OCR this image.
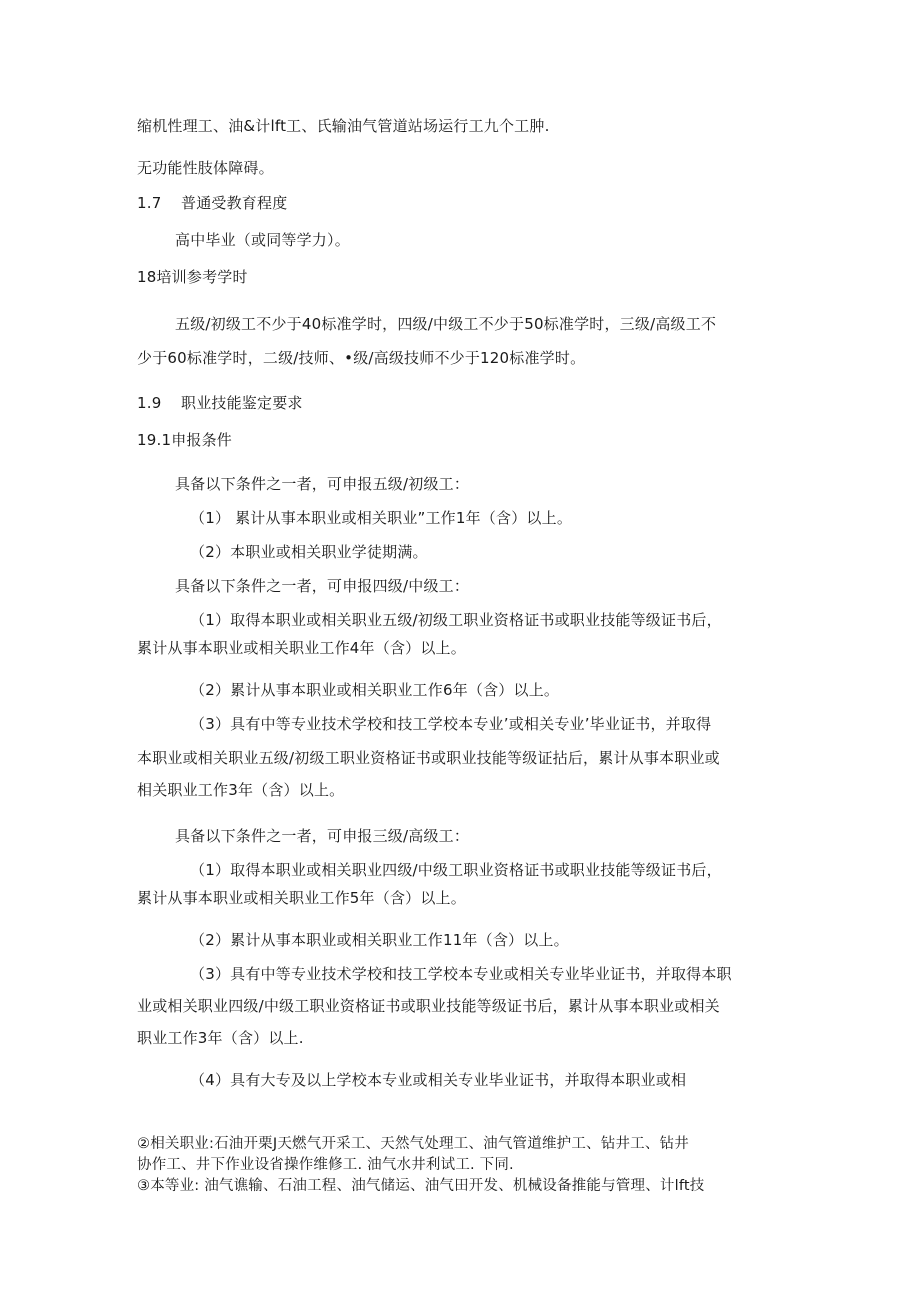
缩机性理工、油&计lft工、氏输油气管道站场运行工九个工肿.
无功能性肢体障碍。
1.7 普通受教育程度
高中毕业（或同等学力）。
18培训参考学时
五级/初级工不少于40标准学时，四级/中级工不少于50标准学时，三级/高级工不
少于60标准学时，二级/技师、•级/高级技师不少于120标准学时。
1.9 职业技能鉴定要求
19.1申报条件
具备以下条件之一者，可申报五级/初级工：
（1） 累计从事本职业或相关职业”工作1年（含）以上。
（2）本职业或相关职业学徒期满。
具备以下条件之一者，可申报四级/中级工：
（1）取得本职业或相关职业五级/初级工职业资格证书或职业技能等级证书后，
累计从事本职业或相关职业工作4年（含）以上。
（2）累计从事本职业或相关职业工作6年（含）以上。
（3）具有中等专业技术学校和技工学校本专业’或相关专业’毕业证书，并取得
本职业或相关职业五级/初级工职业资格证书或职业技能等级证拈后，累计从事本职业或
相关职业工作3年（含）以上。
具备以下条件之一者，可申报三级/高级工：
（1）取得本职业或相关职业四级/中级工职业资格证书或职业技能等级证书后，
累计从事本职业或相关职业工作5年（含）以上。
（2）累计从事本职业或相关职业工作11年（含）以上。
（3）具有中等专业技术学校和技工学校本专业或相关专业毕业证书，并取得本职
业或相关职业四级/中级工职业资格证书或职业技能等级证书后，累计从事本职业或相关
职业工作3年（含）以上.
（4）具有大专及以上学校本专业或相关专业毕业证书，并取得本职业或相
②相关职业:石油开栗J天燃气开采工、天然气处理工、油气管道维护工、钻井工、钻井
协作工、井下作业设省操作维修工. 油气水井利试工. 下同.
③本等业: 油气谯输、石油工程、油气储运、油气田开发、机械设备推能与管理、计lft技
